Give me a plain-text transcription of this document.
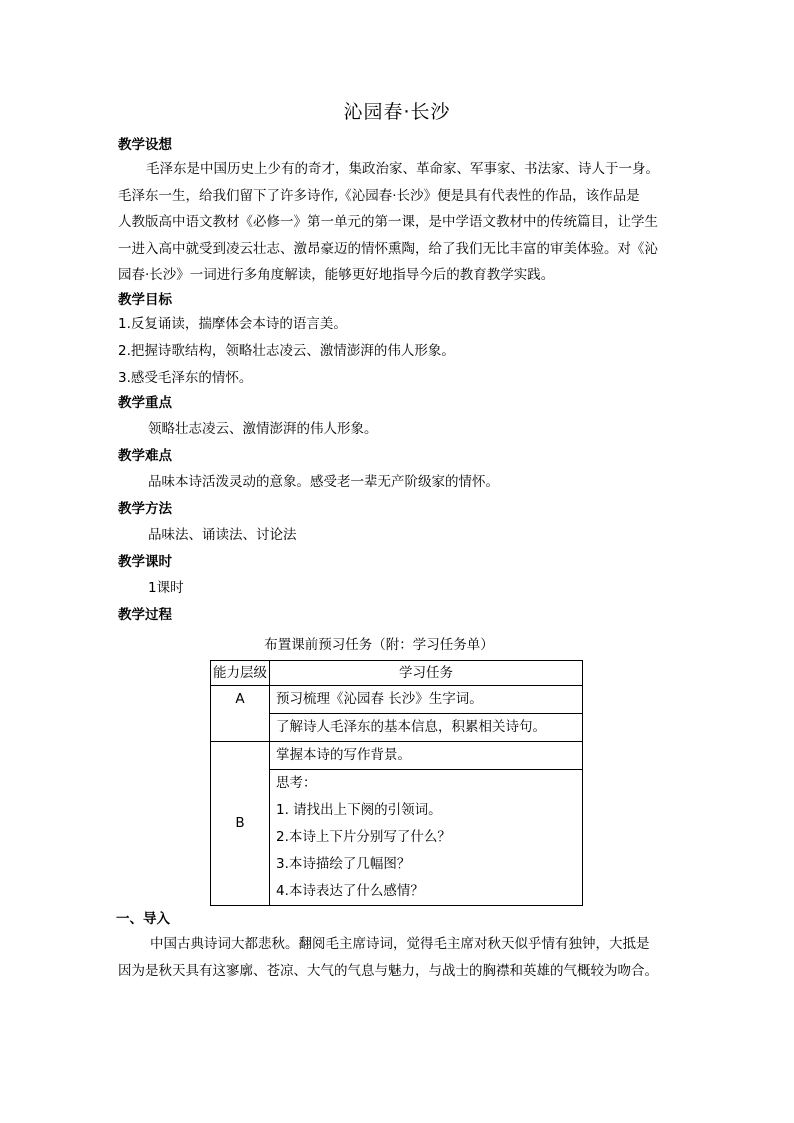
沁园春·长沙

教学设想

毛泽东是中国历史上少有的奇才，集政治家、革命家、军事家、书法家、诗人于一身。

毛泽东一生，给我们留下了许多诗作,《沁园春·长沙》便是具有代表性的作品，该作品是

人教版高中语文教材《必修一》第一单元的第一课，是中学语文教材中的传统篇目，让学生

一进入高中就受到凌云壮志、激昂豪迈的情怀熏陶，给了我们无比丰富的审美体验。对《沁

园春·长沙》一词进行多角度解读，能够更好地指导今后的教育教学实践。

教学目标

1.反复诵读，揣摩体会本诗的语言美。

2.把握诗歌结构，领略壮志凌云、激情澎湃的伟人形象。

3.感受毛泽东的情怀。

教学重点

领略壮志凌云、激情澎湃的伟人形象。

教学难点

品味本诗活泼灵动的意象。感受老一辈无产阶级家的情怀。

教学方法

品味法、诵读法、讨论法

教学课时

1课时

教学过程

布置课前预习任务（附：学习任务单）

能力层级	学习任务
A	预习梳理《沁园春 长沙》生字词。
	了解诗人毛泽东的基本信息，积累相关诗句。
B	掌握本诗的写作背景。

	思考：
1. 请找出上下阕的引领词。
2.本诗上下片分别写了什么？
3.本诗描绘了几幅图？
4.本诗表达了什么感情？

一、导入

中国古典诗词大都悲秋。翻阅毛主席诗词，觉得毛主席对秋天似乎情有独钟，大抵是

因为是秋天具有这寥廓、苍凉、大气的气息与魅力，与战士的胸襟和英雄的气概较为吻合。
